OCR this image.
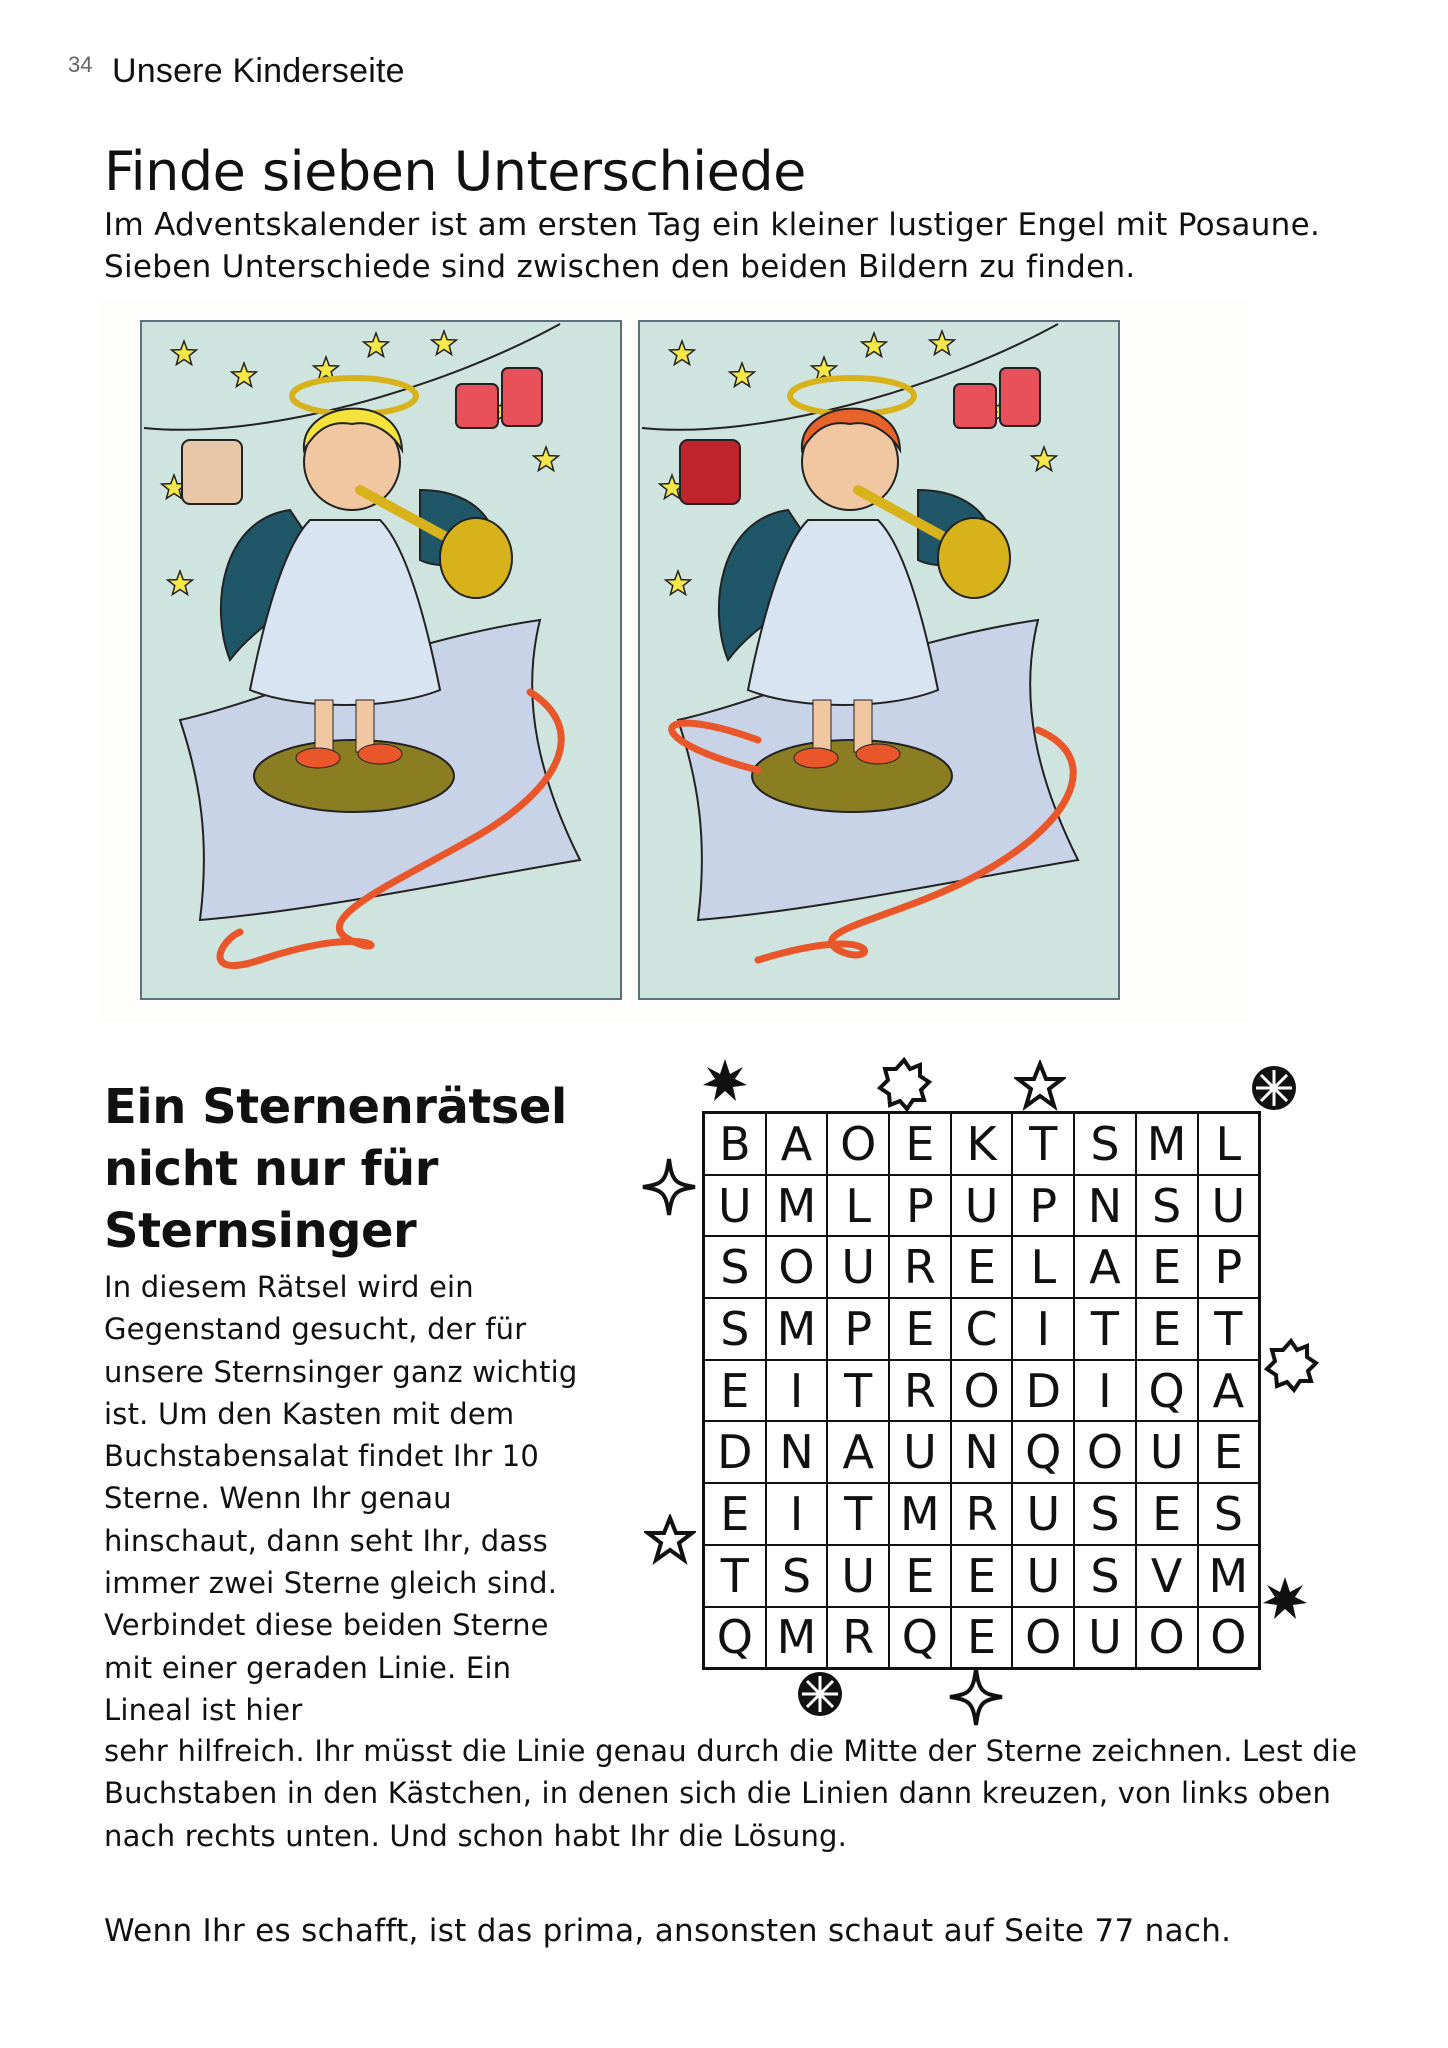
34 Unsere Kinderseite
Finde sieben Unterschiede

Im Adventskalender ist am ersten Tag ein kleiner lustiger Engel mit Posaune. Sieben Unterschiede sind zwischen den beiden Bildern zu finden.

Ein Sternenrätsel nicht nur für Sternsinger

In diesem Rätsel wird ein Gegenstand gesucht, der für unsere Sternsinger ganz wichtig ist. Um den Kasten mit dem Buchstabensalat findet Ihr 10 Sterne. Wenn Ihr genau hinschaut, dann seht Ihr, dass immer zwei Sterne gleich sind. Verbindet diese beiden Sterne mit einer geraden Linie. Ein Lineal ist hier

sehr hilfreich. Ihr müsst die Linie genau durch die Mitte der Sterne zeichnen. Lest die Buchstaben in den Kästchen, in denen sich die Linien dann kreuzen, von links oben nach rechts unten. Und schon habt Ihr die Lösung.

B A O E K T S M L
U M L P U P N S U
S O U R E L A E P
S M P E C I T E T
E I T R O D I Q A
D N A U N Q O U E
E I T M R U S E S
T S U E E U S V M
Q M R Q E O U O O

Wenn Ihr es schafft, ist das prima, ansonsten schaut auf Seite 77 nach.
